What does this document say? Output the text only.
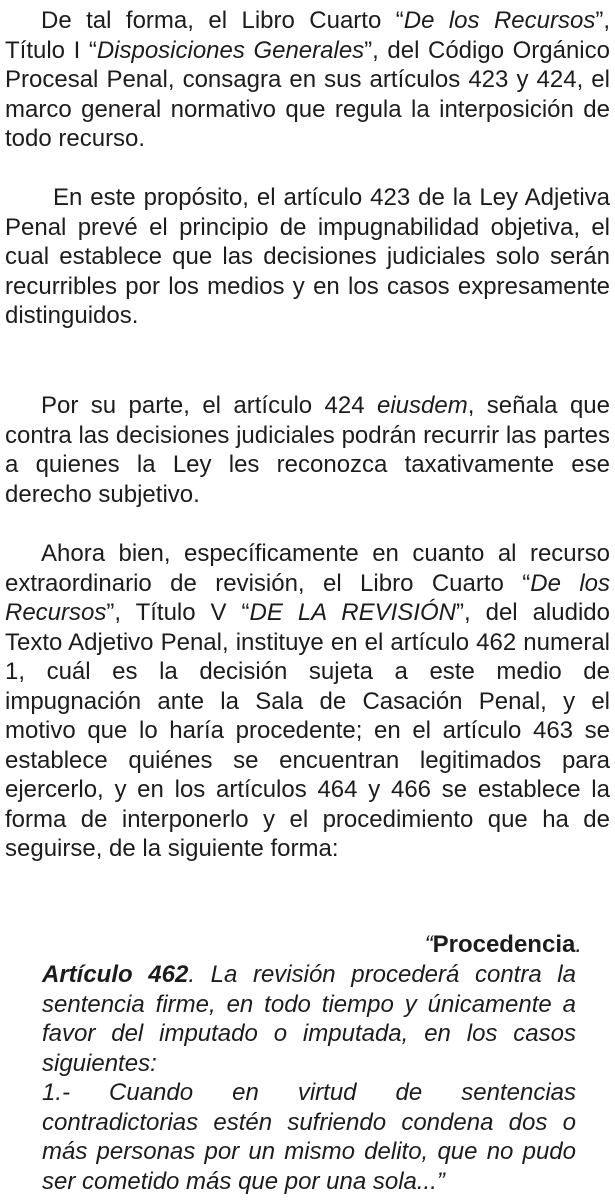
De tal forma, el Libro Cuarto “De los Recursos”, Título I “Disposiciones Generales”, del Código Orgánico Procesal Penal, consagra en sus artículos 423 y 424, el marco general normativo que regula la interposición de todo recurso.

En este propósito, el artículo 423 de la Ley Adjetiva Penal prevé el principio de impugnabilidad objetiva, el cual establece que las decisiones judiciales solo serán recurribles por los medios y en los casos expresamente distinguidos.

Por su parte, el artículo 424 eiusdem, señala que contra las decisiones judiciales podrán recurrir las partes a quienes la Ley les reconozca taxativamente ese derecho subjetivo.

Ahora bien, específicamente en cuanto al recurso extraordinario de revisión, el Libro Cuarto “De los Recursos”, Título V “DE LA REVISIÓN”, del aludido Texto Adjetivo Penal, instituye en el artículo 462 numeral 1, cuál es la decisión sujeta a este medio de impugnación ante la Sala de Casación Penal, y el motivo que lo haría procedente; en el artículo 463 se establece quiénes se encuentran legitimados para ejercerlo, y en los artículos 464 y 466 se establece la forma de interponerlo y el procedimiento que ha de seguirse, de la siguiente forma:

“Procedencia.

Artículo 462. La revisión procederá contra la sentencia firme, en todo tiempo y únicamente a favor del imputado o imputada, en los casos siguientes:
1.- Cuando en virtud de sentencias contradictorias estén sufriendo condena dos o más personas por un mismo delito, que no pudo ser cometido más que por una sola...”
